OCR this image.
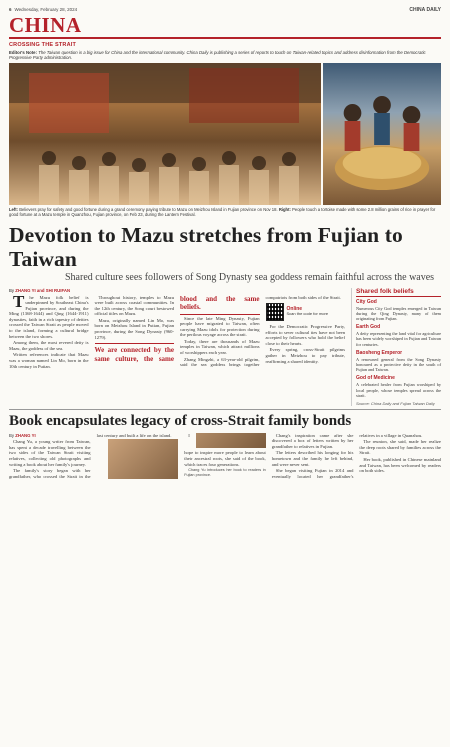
6 Wednesday, February 28, 2024	CHINA DAILY
CHINA
CROSSING THE STRAIT
Editor's Note: The Taiwan question is a big issue for China and the international community. China Daily is publishing a series of reports to touch on Taiwan-related topics and address disinformation from the Democratic Progressive Party administration.
Left: Believers pray for safety and good fortune during a grand ceremony paying tribute to Mazu on Meizhou Island in Fujian province on Nov 18. Right: People touch a tortoise made with some 2.8 million grains of rice in prayer for good fortune at a Mazu temple in Quanzhou, Fujian province, on Feb 23, during the Lantern Festival.
Devotion to Mazu stretches from Fujian to Taiwan
Shared culture sees followers of Song Dynasty sea goddess remain faithful across the waves
By ZHANG YI and SHI RUIFAN

T he Mazu folk belief is underpinned by Southeast China's Fujian province, and during the Ming (1368-1644) and Qing (1644-1911) dynasties, faith in a rich tapestry of deities crossed the Taiwan Strait as people moved to the island, forming a cultural bridge between the two shores.

Among them, the most revered deity is Mazu, the goddess of the sea.

Written references indicate that Mazu was a woman named Lin Mo, born in the 10th century in Putian.

Throughout history, temples to Mazu were built across coastal communities. In the 12th century, the Song court bestowed official titles on Mazu.

Mazu, originally named Lin Mo, was born on Meizhou Island in Putian, Fujian province, during the Song Dynasty (960-1279).

We are connected by the same culture, the same blood and the same beliefs.

Since the late Ming Dynasty, Fujian people have migrated to Taiwan, often carrying Mazu idols for protection during the perilous voyage across the strait.

Today, there are thousands of Mazu temples in Taiwan, which attract millions of worshippers each year.

Zhang Mingzhi, a 63-year-old pilgrim, said the sea goddess brings together compatriots from both sides of the Strait.

Online
Scan the code for more

For the Democratic Progressive Party, efforts to sever cultural ties have not been accepted by followers who hold the belief close to their hearts.

Every spring, cross-Strait pilgrims gather in Meizhou to pay tribute, reaffirming a shared identity.

Shared folk beliefs
City God

Numerous City God temples emerged in Taiwan during the Qing Dynasty, many of them originating from Fujian.

Earth God

A deity representing the land vital for agriculture has been widely worshiped in Fujian and Taiwan for centuries.

Baosheng Emperor

A renowned general from the Song Dynasty honoured as a protective deity in the south of Fujian and Taiwan.

God of Medicine

A celebrated healer from Fujian worshiped by local people, whose temples spread across the strait.

Source: China Daily and Fujian Taiwan Daily
Book encapsulates legacy of cross-Strait family bonds
By ZHANG YI

Chang Yu, a young writer from Taiwan, has spent a decade travelling between the two sides of the Taiwan Strait visiting relatives, collecting old photographs and writing a book about her family's journey.

The family's story began with her grandfather, who crossed the Strait in the last century and built a life on the island.	I hope to inspire more people to learn about their ancestral roots, she said of the book, which traces four generations.

Chang Yu introduces her book to readers in Fujian province.

Chang's inspiration came after she discovered a box of letters written by her grandfather to relatives in Fujian.

The letters described his longing for his hometown and the family he left behind, and were never sent.

She began visiting Fujian in 2014 and eventually located her grandfather's relatives in a village in Quanzhou.

The reunion, she said, made her realize the deep roots shared by families across the Strait.

Her book, published in Chinese mainland and Taiwan, has been welcomed by readers on both sides.
